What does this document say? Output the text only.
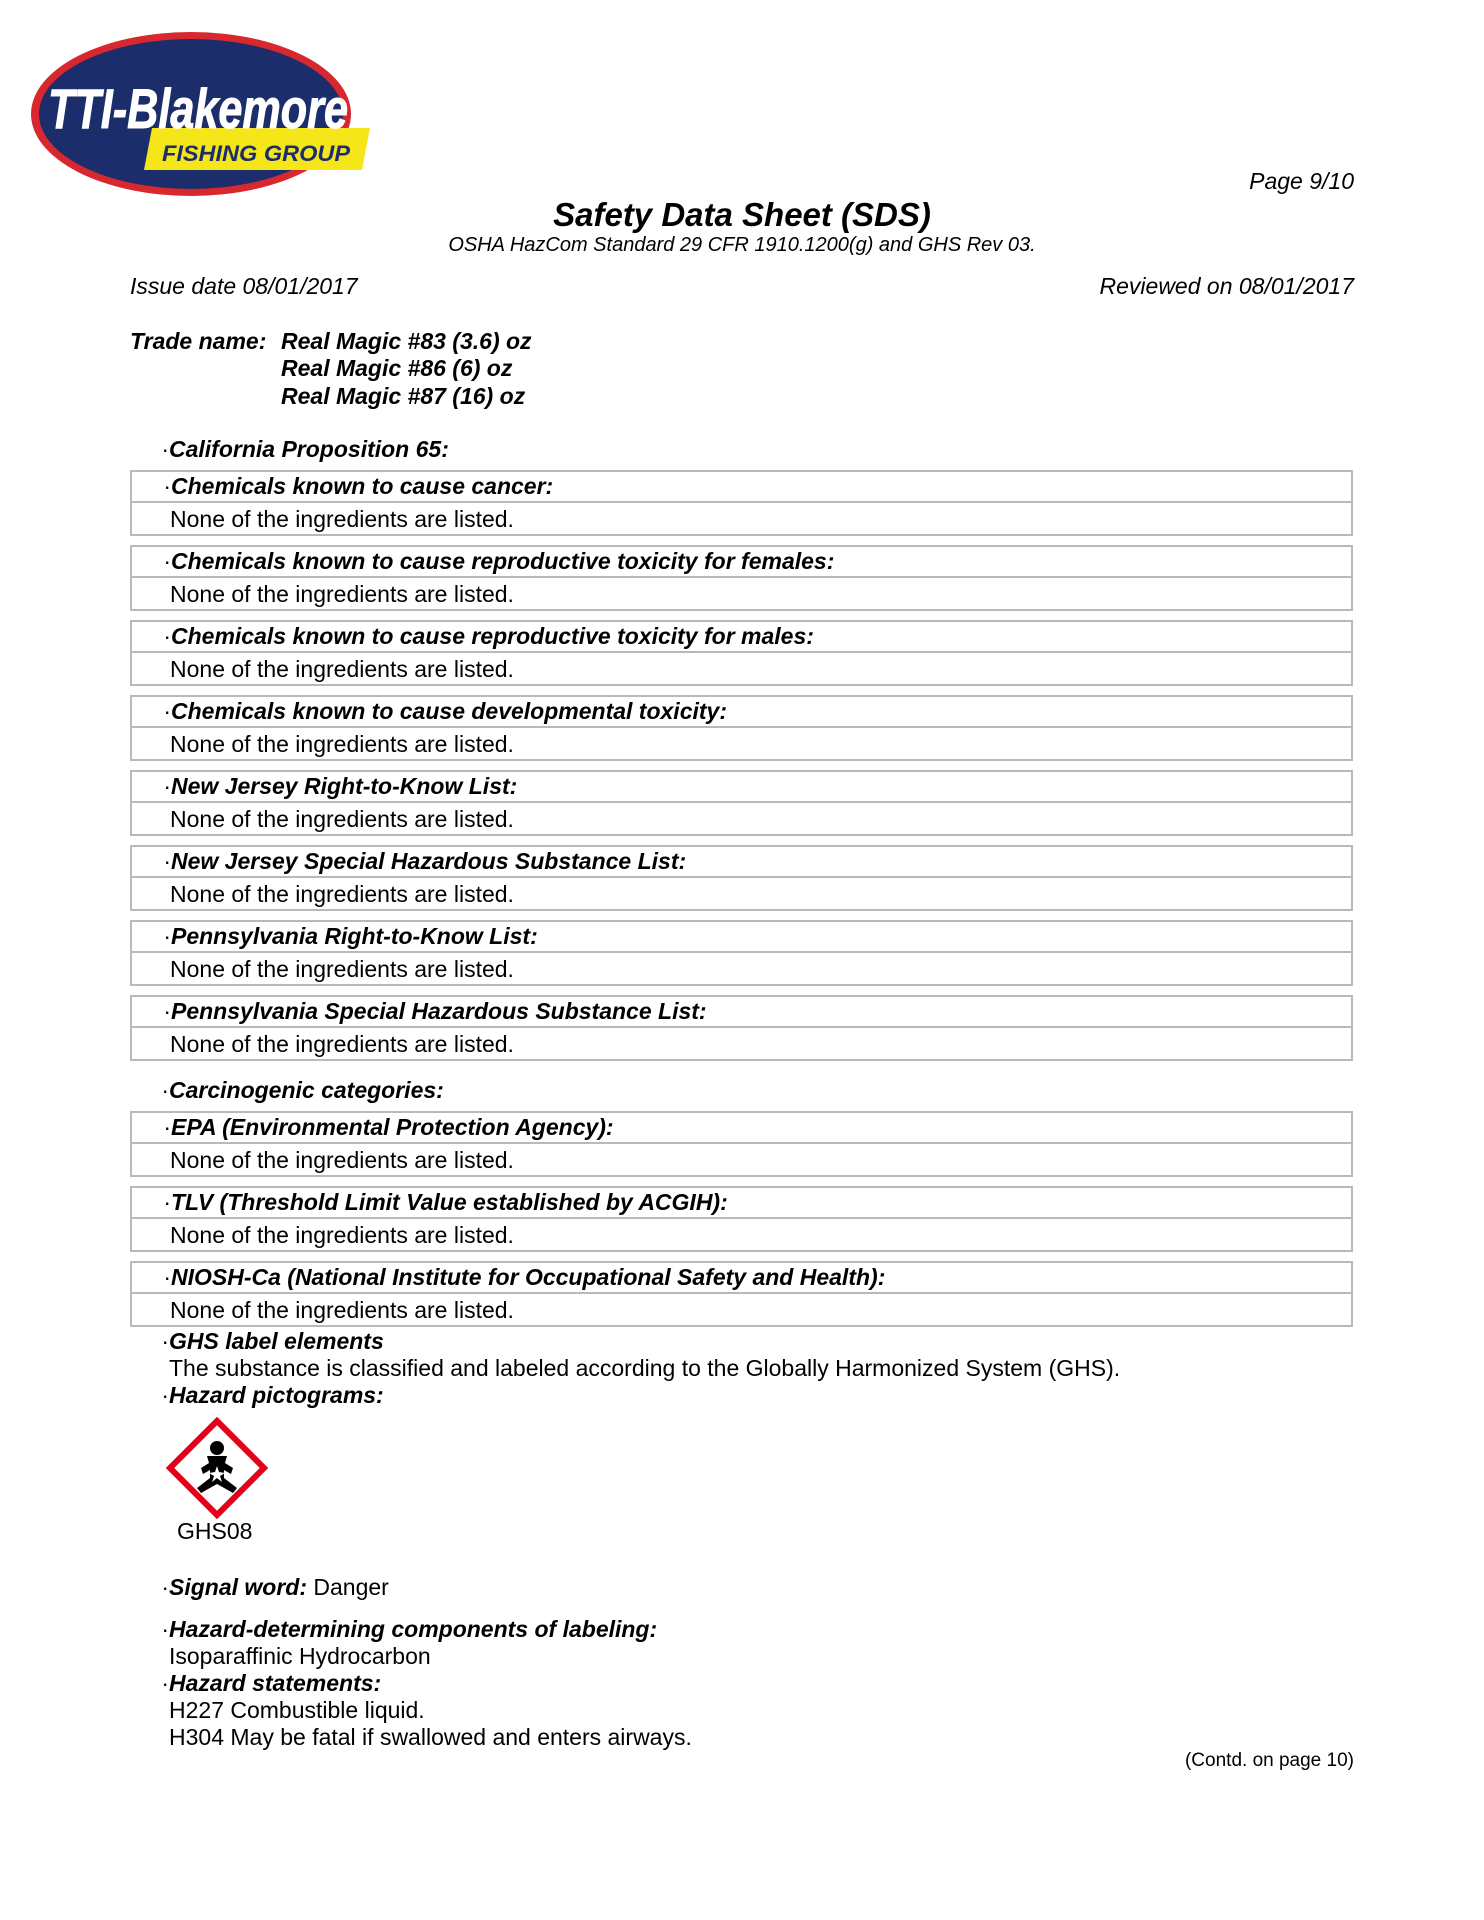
TTI-Blakemore
FISHING GROUP
Page 9/10
Safety Data Sheet (SDS)
OSHA HazCom Standard 29 CFR 1910.1200(g) and GHS Rev 03.
Issue date 08/01/2017	Reviewed on 08/01/2017
Trade name: Real Magic #83 (3.6) oz
Real Magic #86 (6) oz
Real Magic #87 (16) oz
·California Proposition 65:
·Chemicals known to cause cancer:
None of the ingredients are listed.
·Chemicals known to cause reproductive toxicity for females:
None of the ingredients are listed.
·Chemicals known to cause reproductive toxicity for males:
None of the ingredients are listed.
·Chemicals known to cause developmental toxicity:
None of the ingredients are listed.
·New Jersey Right-to-Know List:
None of the ingredients are listed.
·New Jersey Special Hazardous Substance List:
None of the ingredients are listed.
·Pennsylvania Right-to-Know List:
None of the ingredients are listed.
·Pennsylvania Special Hazardous Substance List:
None of the ingredients are listed.
·Carcinogenic categories:
·EPA (Environmental Protection Agency):
None of the ingredients are listed.
·TLV (Threshold Limit Value established by ACGIH):
None of the ingredients are listed.
·NIOSH-Ca (National Institute for Occupational Safety and Health):
None of the ingredients are listed.
·GHS label elements
The substance is classified and labeled according to the Globally Harmonized System (GHS).
·Hazard pictograms:
GHS08
·Signal word: Danger
·Hazard-determining components of labeling:
Isoparaffinic Hydrocarbon
·Hazard statements:
H227 Combustible liquid.
H304 May be fatal if swallowed and enters airways.
(Contd. on page 10)
